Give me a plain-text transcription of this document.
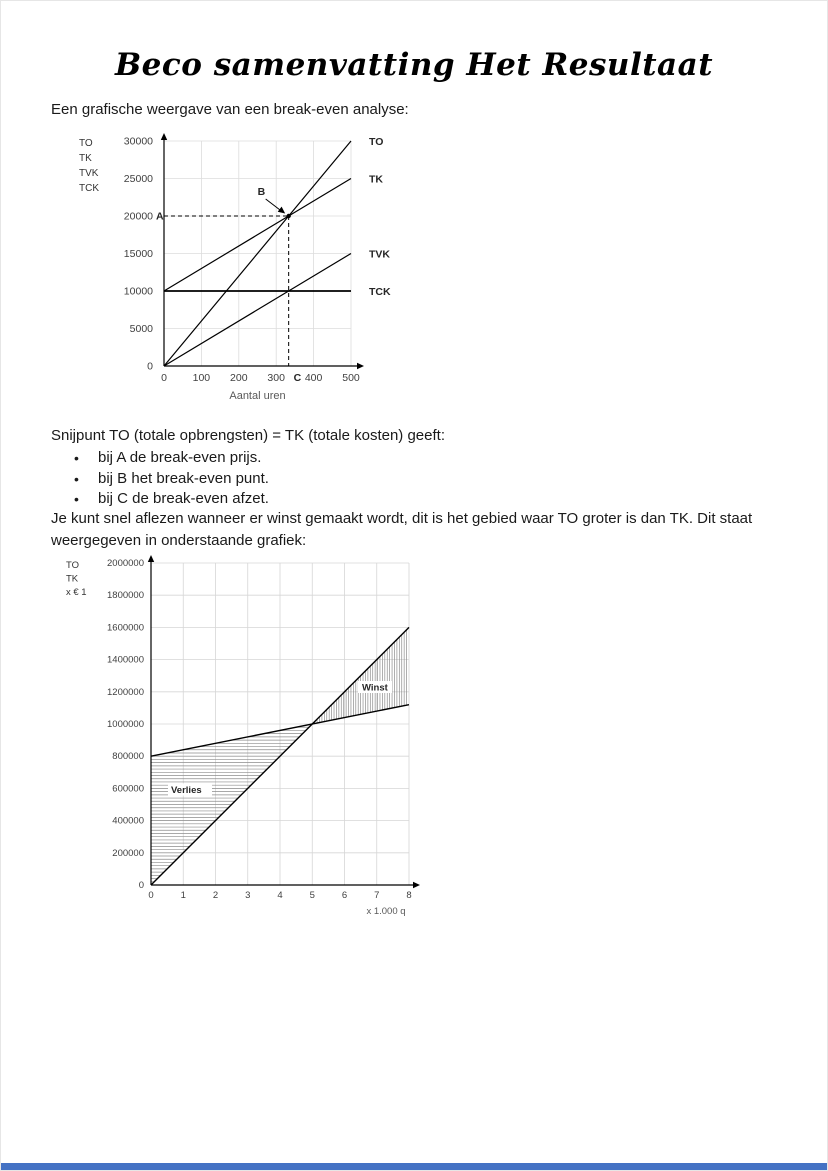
Beco samenvatting Het Resultaat

Een grafische weergave van een break-even analyse:

0
5000
10000
15000
20000
25000
30000
0 100 200 300 400 500
Aantal uren
TO
TK
TVK
TCK
TO
TK
TVK
TCK
A
B
C

Snijpunt TO (totale opbrengsten) = TK (totale kosten) geeft:

•	bij A de break-even prijs.
•	bij B het break-even punt.
•	bij C de break-even afzet.

Je kunt snel aflezen wanneer er winst gemaakt wordt, dit is het gebied waar TO groter is dan TK. Dit staat weergegeven in onderstaande grafiek:

0
200000
400000
600000
800000
1000000
1200000
1400000
1600000
1800000
2000000
0	1	2	3	4	5	6	7	8
x 1.000 q
TO
TK
x € 1
Verlies
Winst
